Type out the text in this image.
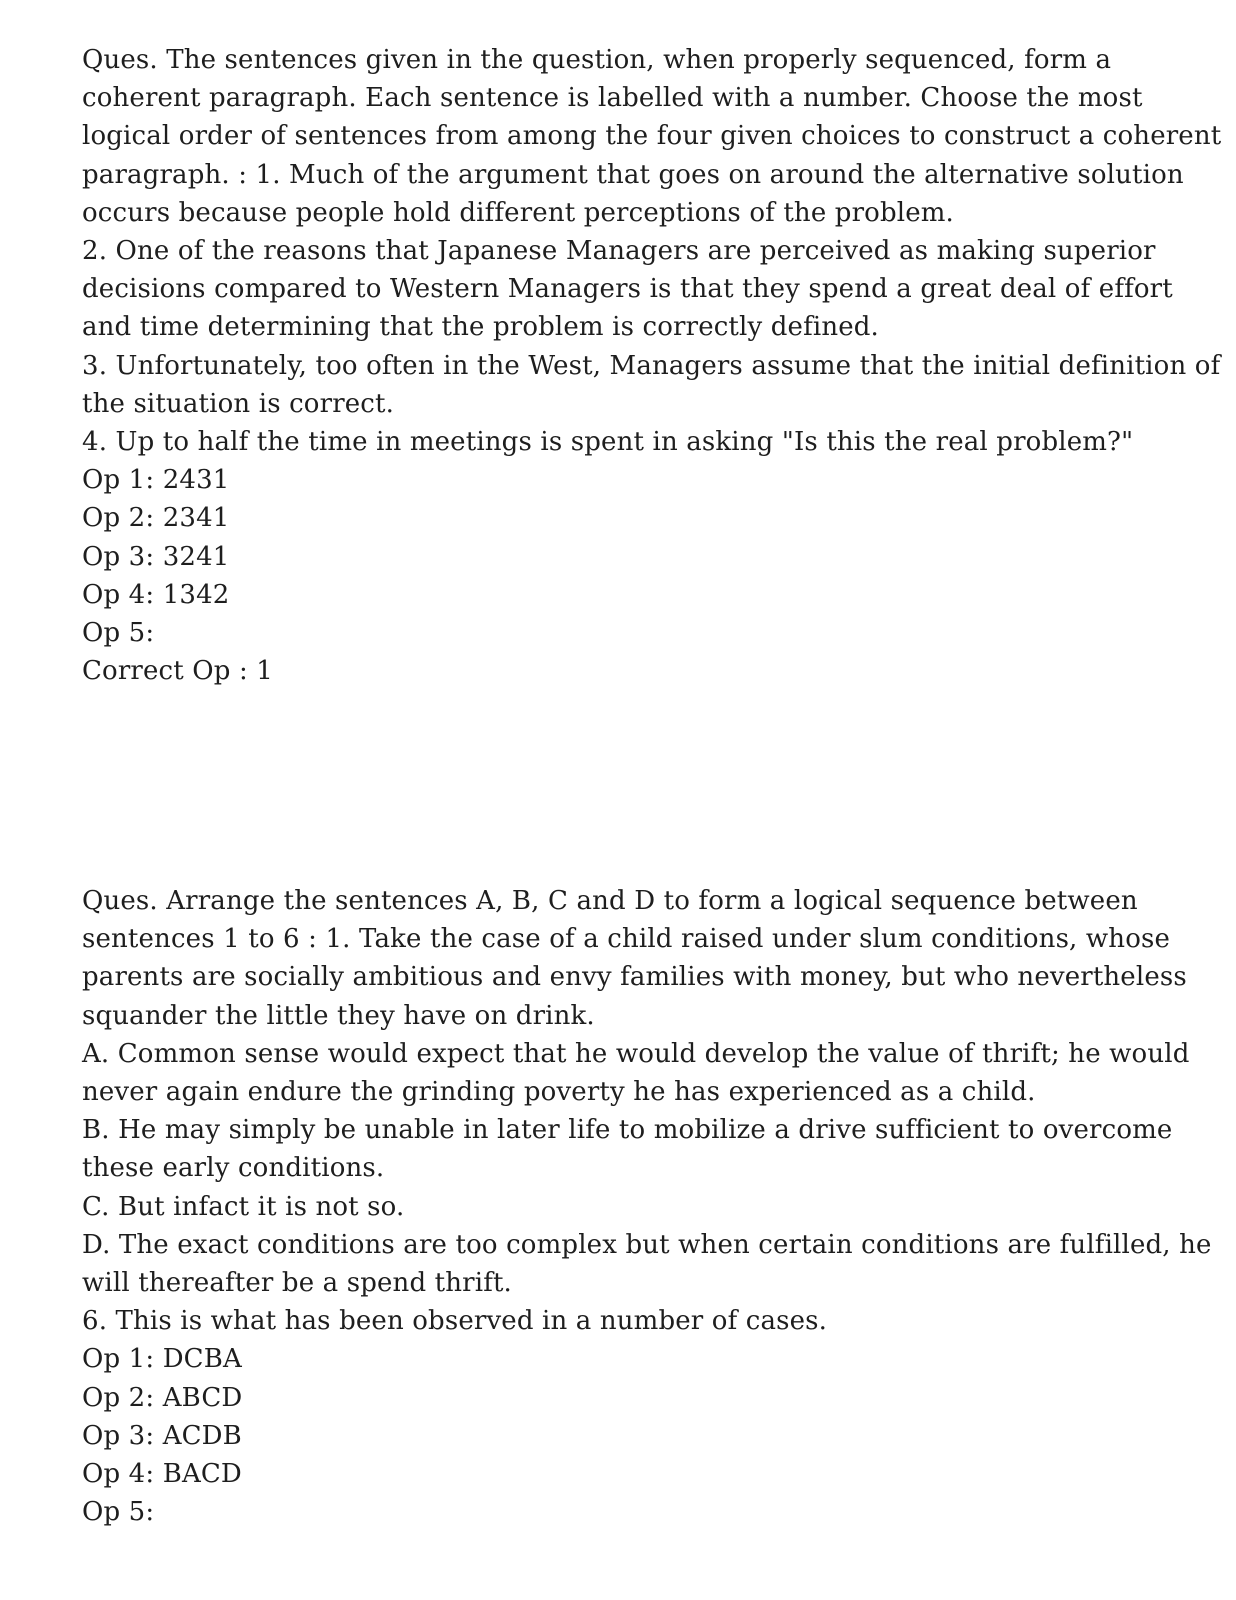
Ques. The sentences given in the question, when properly sequenced, form a coherent paragraph. Each sentence is labelled with a number. Choose the most logical order of sentences from among the four given choices to construct a coherent paragraph. : 1. Much of the argument that goes on around the alternative solution occurs because people hold different perceptions of the problem.

2. One of the reasons that Japanese Managers are perceived as making superior decisions compared to Western Managers is that they spend a great deal of effort and time determining that the problem is correctly defined.

3. Unfortunately, too often in the West, Managers assume that the initial definition of the situation is correct.

4. Up to half the time in meetings is spent in asking "Is this the real problem?"

Op 1: 2431

Op 2: 2341

Op 3: 3241

Op 4: 1342

Op 5:

Correct Op : 1

Ques. Arrange the sentences A, B, C and D to form a logical sequence between sentences 1 to 6 : 1. Take the case of a child raised under slum conditions, whose parents are socially ambitious and envy families with money, but who nevertheless squander the little they have on drink.

A. Common sense would expect that he would develop the value of thrift; he would never again endure the grinding poverty he has experienced as a child.

B. He may simply be unable in later life to mobilize a drive sufficient to overcome these early conditions.

C. But infact it is not so.

D. The exact conditions are too complex but when certain conditions are fulfilled, he will thereafter be a spend thrift.

6. This is what has been observed in a number of cases.

Op 1: DCBA

Op 2: ABCD

Op 3: ACDB

Op 4: BACD

Op 5:
